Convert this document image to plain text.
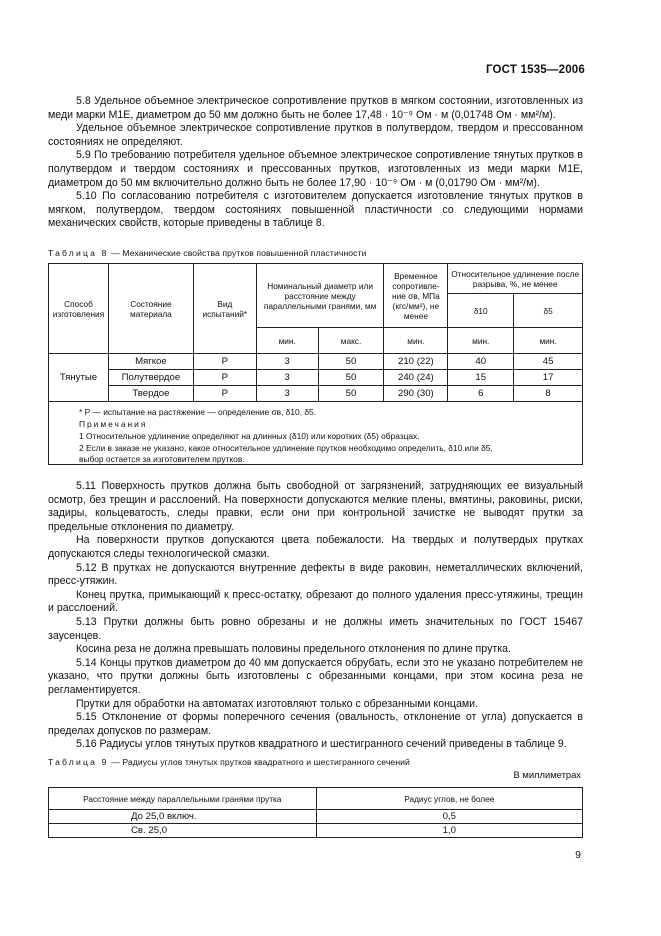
ГОСТ 1535—2006

5.8 Удельное объемное электрическое сопротивление прутков в мягком состоянии, изготовленных из меди марки М1Е, диаметром до 50 мм должно быть не более 17,48 · 10⁻⁹ Ом · м (0,01748 Ом · мм²/м).

Удельное объемное электрическое сопротивление прутков в полутвердом, твердом и прессованном состояниях не определяют.

5.9 По требованию потребителя удельное объемное электрическое сопротивление тянутых прутков в полутвердом и твердом состояниях и прессованных прутков, изготовленных из меди марки М1Е, диаметром до 50 мм включительно должно быть не более 17,90 · 10⁻⁹ Ом · м (0,01790 Ом · мм²/м).

5.10 По согласованию потребителя с изготовителем допускается изготовление тянутых прутков в мягком, полутвердом, твердом состояниях повышенной пластичности со следующими нормами механических свойств, которые приведены в таблице 8.

Таблица 8 — Механические свойства прутков повышенной пластичности
Способ изготовления	Состояние материала	Вид испытаний*	Номинальный диаметр или расстояние между параллельными гранями, мм		Временное сопротивле-ние σв, МПа (кгс/мм²), не менее	Относительное удлинение после разрыва, %, не менее	
						δ10	δ5
			мин.	макс.	мин.	мин.	мин.
Тянутые	Мягкое	Р	3	50	210 (22)	40	45
	Полутвердое	Р	3	50	240 (24)	15	17
	Твердое	Р	3	50	290 (30)	6	8
* Р — испытание на растяжение — определение σв, δ10, δ5.
Примечания
1 Относительное удлинение определяют на длинных (δ10) или коротких (δ5) образцах.
2 Если в заказе не указано, какое относительное удлинение прутков необходимо определить, δ10 или δ5,
выбор остается за изготовителем прутков.

5.11 Поверхность прутков должна быть свободной от загрязнений, затрудняющих ее визуальный осмотр, без трещин и расслоений. На поверхности допускаются мелкие плены, вмятины, раковины, риски, задиры, кольцеватость, следы правки, если они при контрольной зачистке не выводят прутки за предельные отклонения по диаметру.

На поверхности прутков допускаются цвета побежалости. На твердых и полутвердых прутках допускаются следы технологической смазки.

5.12 В прутках не допускаются внутренние дефекты в виде раковин, неметаллических включений, пресс-утяжин.

Конец прутка, примыкающий к пресс-остатку, обрезают до полного удаления пресс-утяжины, трещин и расслоений.

5.13 Прутки должны быть ровно обрезаны и не должны иметь значительных по ГОСТ 15467 заусенцев.

Косина реза не должна превышать половины предельного отклонения по длине прутка.

5.14 Концы прутков диаметром до 40 мм допускается обрубать, если это не указано потребителем не указано, что прутки должны быть изготовлены с обрезанными концами, при этом косина реза не регламентируется.

Прутки для обработки на автоматах изготовляют только с обрезанными концами.

5.15 Отклонение от формы поперечного сечения (овальность, отклонение от угла) допускается в пределах допусков по размерам.

5.16 Радиусы углов тянутых прутков квадратного и шестигранного сечений приведены в таблице 9.

Таблица 9 — Радиусы углов тянутых прутков квадратного и шестигранного сечений
В миллиметрах
Расстояние между параллельными гранями прутка	Радиус углов, не более
До 25,0 включ.	0,5
Св. 25,0	1,0
9
